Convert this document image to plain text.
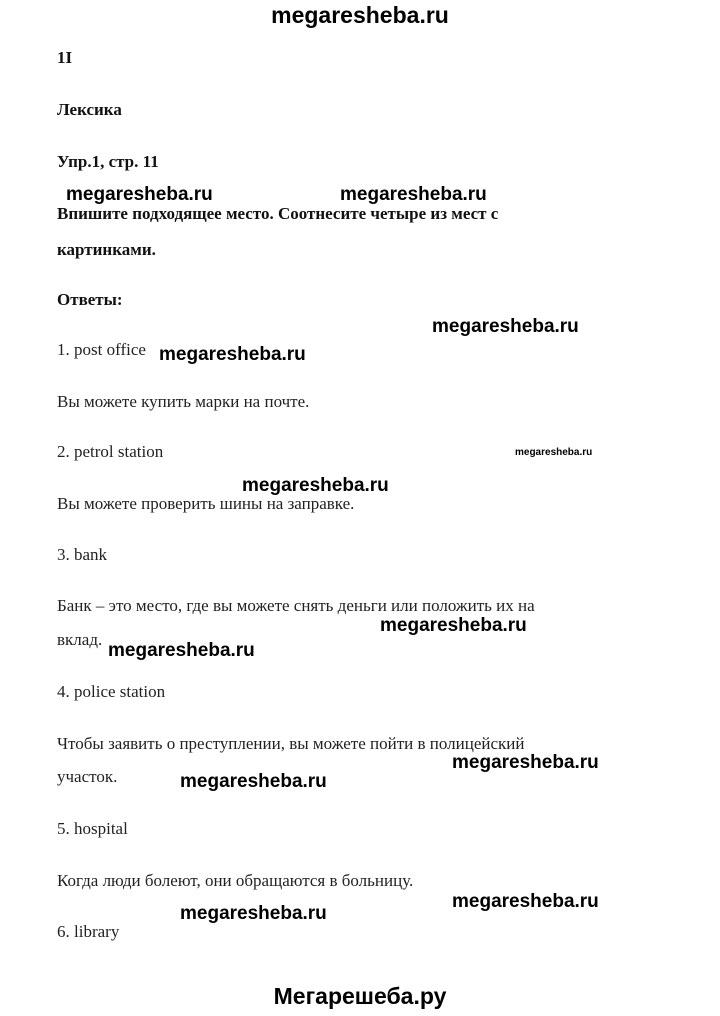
megaresheba.ru
1I
Лексика
Упр.1, стр. 11
megaresheba.ru	megaresheba.ru
Впишите подходящее место. Соотнесите четыре из мест с
картинками.
Ответы:
megaresheba.ru
1. post office megaresheba.ru
Вы можете купить марки на почте.
2. petrol station	megaresheba.ru
megaresheba.ru
Вы можете проверить шины на заправке.
3. bank
Банк – это место, где вы можете снять деньги или положить их на
megaresheba.ru
вклад.
megaresheba.ru
4. police station
Чтобы заявить о преступлении, вы можете пойти в полицейский
megaresheba.ru
участок.	megaresheba.ru
5. hospital
Когда люди болеют, они обращаются в больницу.
megaresheba.ru
megaresheba.ru
6. library
Мегарешеба.ру
